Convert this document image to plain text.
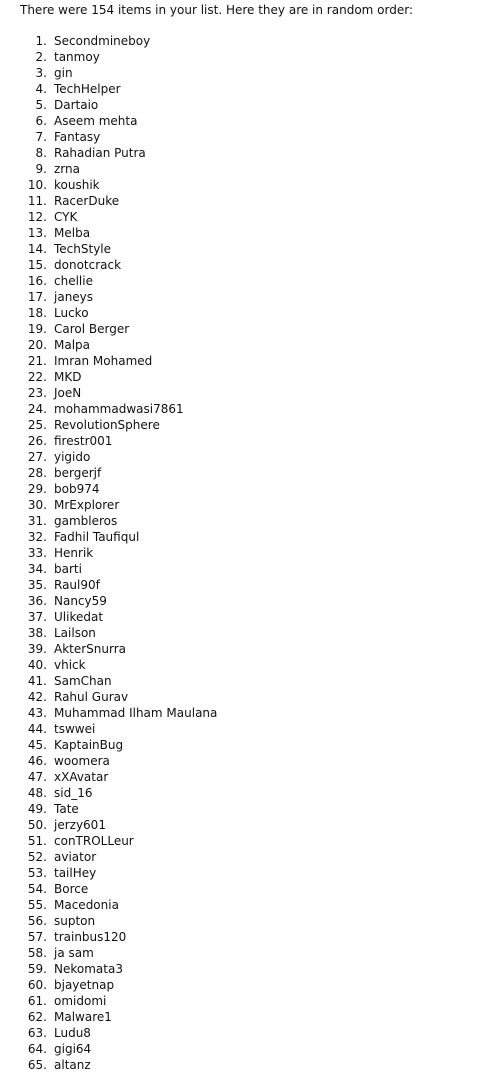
There were 154 items in your list. Here they are in random order:
1. Secondmineboy
2. tanmoy
3. gin
4. TechHelper
5. Dartaio
6. Aseem mehta
7. Fantasy
8. Rahadian Putra
9. zrna
10. koushik
11. RacerDuke
12. CYK
13. Melba
14. TechStyle
15. donotcrack
16. chellie
17. janeys
18. Lucko
19. Carol Berger
20. Malpa
21. Imran Mohamed
22. MKD
23. JoeN
24. mohammadwasi7861
25. RevolutionSphere
26. firestr001
27. yigido
28. bergerjf
29. bob974
30. MrExplorer
31. gambleros
32. Fadhil Taufiqul
33. Henrik
34. barti
35. Raul90f
36. Nancy59
37. Ulikedat
38. Lailson
39. AkterSnurra
40. vhick
41. SamChan
42. Rahul Gurav
43. Muhammad Ilham Maulana
44. tswwei
45. KaptainBug
46. woomera
47. xXAvatar
48. sid_16
49. Tate
50. jerzy601
51. conTROLLeur
52. aviator
53. tailHey
54. Borce
55. Macedonia
56. supton
57. trainbus120
58. ja sam
59. Nekomata3
60. bjayetnap
61. omidomi
62. Malware1
63. Ludu8
64. gigi64
65. altanz
